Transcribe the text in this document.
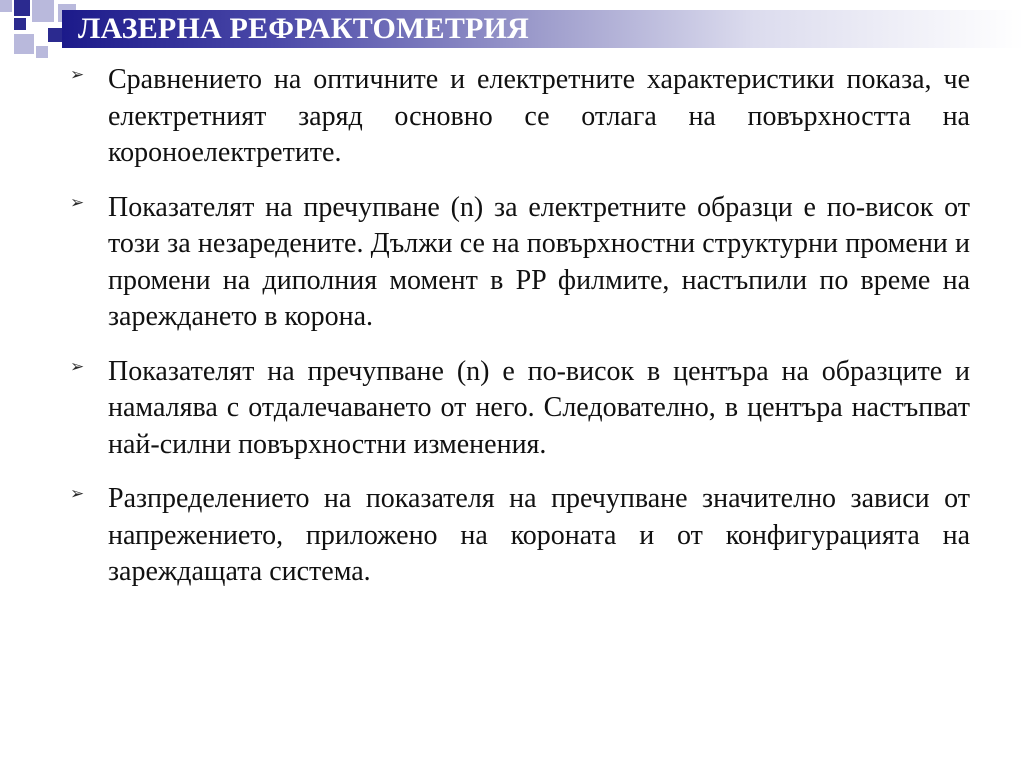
ЛАЗЕРНА РЕФРАКТОМЕТРИЯ
➢ Сравнението на оптичните и електретните характеристики показа, че електретният заряд основно се отлага на повърхността на короноелектретите.
➢ Показателят на пречупване (n) за електретните образци е по-висок от този за незаредените. Дължи се на повърхностни структурни промени и промени на диполния момент в PP филмите, настъпили по време на зареждането в корона.
➢ Показателят на пречупване (n) е по-висок в центъра на образците и намалява с отдалечаването от него. Следователно, в центъра настъпват най-силни повърхностни изменения.
➢ Разпределението на показателя на пречупване значително зависи от напрежението, приложено на короната и от конфигурацията на зареждащата система.
